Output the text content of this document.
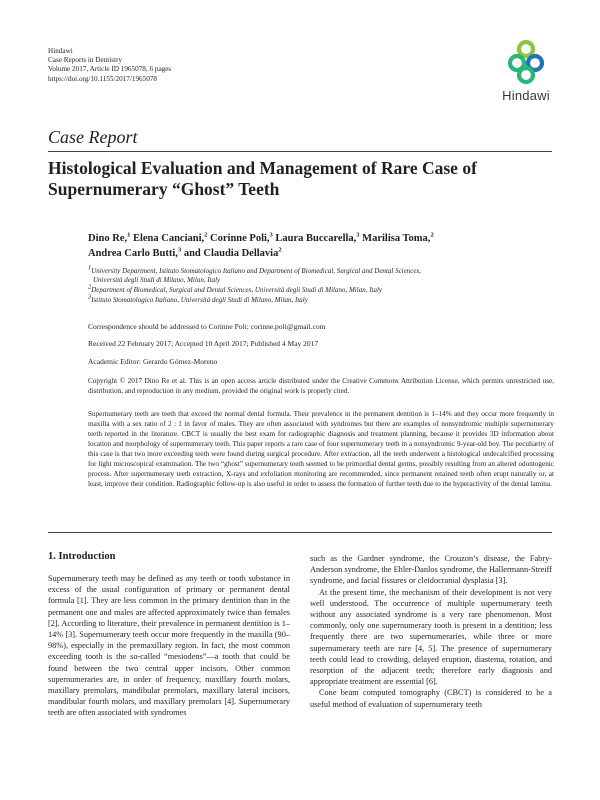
Hindawi
Case Reports in Dentistry
Volume 2017, Article ID 1965078, 6 pages
https://doi.org/10.1155/2017/1965078
Hindawi
Case Report
Histological Evaluation and Management of Rare Case of Supernumerary “Ghost” Teeth
Dino Re,$^1$ Elena Canciani,$^2$ Corinne Poli,$^3$ Laura Buccarella,$^3$ Marilisa Toma,$^2$
Andrea Carlo Butti,$^3$ and Claudia Dellavia$^2$
$^1$University Department, Istituto Stomatologico Italiano and Department of Biomedical, Surgical and Dental Sciences,
Università degli Studi di Milano, Milan, Italy
$^2$Department of Biomedical, Surgical and Dental Sciences, Università degli Studi di Milano, Milan, Italy
$^3$Istituto Stomatologico Italiano, Università degli Studi di Milano, Milan, Italy
Correspondence should be addressed to Corinne Poli; corinne.poli@gmail.com
Received 22 February 2017; Accepted 10 April 2017; Published 4 May 2017
Academic Editor: Gerardo Gómez-Moreno
Copyright © 2017 Dino Re et al. This is an open access article distributed under the Creative Commons Attribution License, which permits unrestricted use, distribution, and reproduction in any medium, provided the original work is properly cited.
Supernumerary teeth are teeth that exceed the normal dental formula. Their prevalence in the permanent dentition is 1–14% and they occur more frequently in maxilla with a sex ratio of 2 : 1 in favor of males. They are often associated with syndromes but there are examples of nonsyndromic multiple supernumerary teeth reported in the literature. CBCT is usually the best exam for radiographic diagnosis and treatment planning, because it provides 3D information about location and morphology of supernumerary teeth. This paper reports a rare case of four supernumerary teeth in a nonsyndromic 9-year-old boy. The peculiarity of this case is that two more exceeding teeth were found during surgical procedure. After extraction, all the teeth underwent a histological undecalcified processing for light microscopical examination. The two “ghost” supernumerary teeth seemed to be primordial dental germs, possibly resulting from an altered odontogenic process. After supernumerary teeth extraction, X-rays and exfoliation monitoring are recommended, since permanent retained teeth often erupt naturally or, at least, improve their condition. Radiographic follow-up is also useful in order to assess the formation of further teeth due to the hyperactivity of the dental lamina.
1. Introduction

Supernumerary teeth may be defined as any teeth or tooth substance in excess of the usual configuration of primary or permanent dental formula [1]. They are less common in the primary dentition than in the permanent one and males are affected approximately twice than females [2]. According to literature, their prevalence in permanent dentition is 1–14% [3]. Supernumerary teeth occur more frequently in the maxilla (90–98%), especially in the premaxillary region. In fact, the most common exceeding tooth is the so-called “mesiodens”—a tooth that could be found between the two central upper incisors. Other common supernumeraries are, in order of frequency, maxillary fourth molars, maxillary premolars, mandibular premolars, maxillary lateral incisors, mandibular fourth molars, and maxillary premolars [4]. Supernumerary teeth are often associated with syndromes

such as the Gardner syndrome, the Crouzon’s disease, the Fabry-Anderson syndrome, the Ehler-Danlos syndrome, the Hallermann-Streiff syndrome, and facial fissures or cleidocranial dysplasia [3].

At the present time, the mechanism of their development is not very well understood. The occurrence of multiple supernumerary teeth without any associated syndrome is a very rare phenomenon. Most commonly, only one supernumerary tooth is present in a dentition; less frequently there are two supernumeraries, while three or more supernumerary teeth are rare [4, 5]. The presence of supernumerary teeth could lead to crowding, delayed eruption, diastema, rotation, and resorption of the adjacent teeth; therefore early diagnosis and appropriate treatment are essential [6].

Cone beam computed tomography (CBCT) is considered to be a useful method of evaluation of supernumerary teeth
